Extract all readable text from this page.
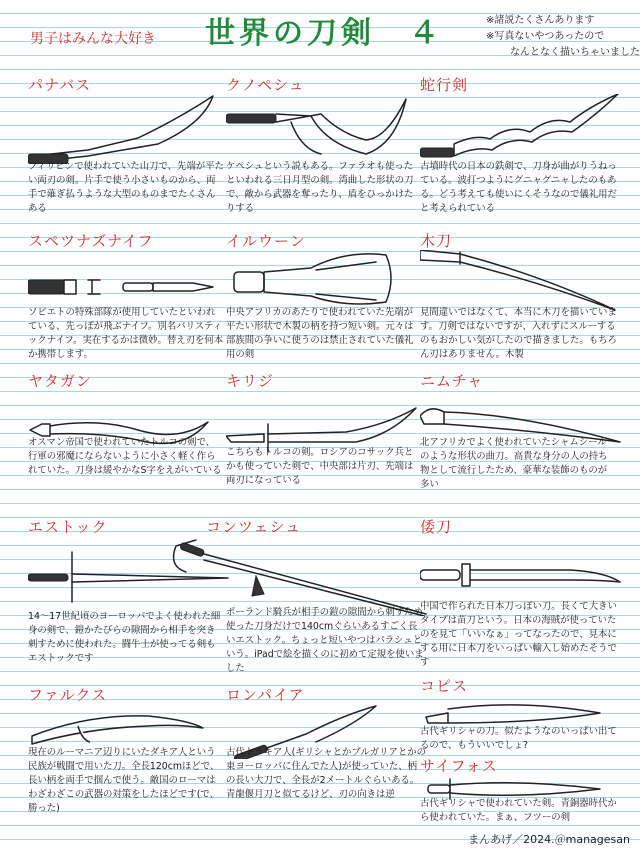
男子はみんな大好き 世界の刀剣　４	※諸説たくさんあります
※写真ないやつあったので
なんとなく描いちゃいました
パナバス
フィリピンで使われていた山刀で、先端が平たい両刃の剣。片手で使う小さいものから、両手で薙ぎ払うような大型のものまでたくさんある
クノペシュ
ケペシュという説もある。ファラオも使ったといわれる三日月型の剣。湾曲した形状の刀で、敵から武器を奪ったり、盾をひっかけたりする
蛇行剣
古墳時代の日本の鉄剣で、刀身が曲がりうねっている。波打つようにグニャグニャしたのもある。どう考えても使いにくそうなので儀礼用だと考えられている
スペツナズナイフ
ソビエトの特殊部隊が使用していたといわれている、先っぽが飛ぶナイフ。別名バリスティックナイフ。実在するかは微妙。替え刃を何本か携帯します。
イルウーン
中央アフリカのあたりで使われていた先端が平たい形状で木製の柄を持つ短い剣。元々は部族間の争いに使うのは禁止されていた儀礼用の剣
木刀
見間違いではなくて、本当に木刀を描いています。刀剣ではないですが、入れずにスルーするのもおかしい気がしたので描きました。もちろん刃はありません。木製
ヤタガン
オスマン帝国で使われていたトルコの剣で、行軍の邪魔にならないように小さく軽く作られていた。刀身は緩やかなS字をえがいている
キリジ
こちらもトルコの剣。ロシアのコサック兵とかも使っていた剣で、中央部は片刃、先端は両刃になっている
ニムチャ
北アフリカでよく使われていたシャムシールのような形状の曲刀。高貴な身分の人の持ち物として流行したため、豪華な装飾のものが多い
エストック
14〜17世紀頃のヨーロッパでよく使われた細身の剣で、鎧かたびらの隙間から相手を突き刺すために使われた。闘牛士が使ってる剣もエストックです
コンツェシュ
ポーランド騎兵が相手の鎧の隙間から刺すため使った刀身だけで140cmぐらいあるすごく長いエストック。ちょっと短いやつはパラシュという。iPadで絵を描くのに初めて定規を使いました
倭刀
中国で作られた日本刀っぽい刀。長くて大きいタイプは苗刀という。日本の海賊が使っていたのを見て「いいなぁ」ってなったので、見本にする用に日本刀をいっぱい輸入し始めたそうです
ファルクス
現在のルーマニア辺りにいたダキア人という民族が戦闘で用いた刀。全長120cmほどで、長い柄を両手で掴んで使う。敵国のローマはわざわざこの武器の対策をしたほどです(で、勝った)
ロンパイア
古代トラキア人(ギリシャとかブルガリアとかの東ヨーロッパに住んでた人)が使っていた、柄の長い大刀で、全長が2メートルぐらいある。青龍偃月刀と似てるけど、刃の向きは逆
コピス
古代ギリシャの刀。似たようなのいっぱい出てるので、もういいでしょ?
サイフォス
古代ギリシャで使われていた剣。青銅器時代から使われていた。まぁ、フツーの剣
まんあげ／2024.＠managesan
